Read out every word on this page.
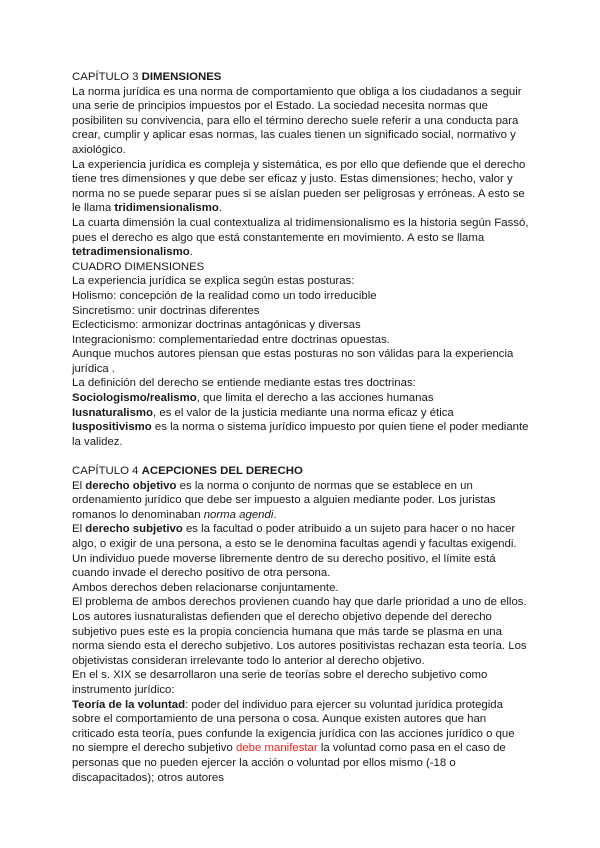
CAPÍTULO 3 DIMENSIONES

La norma jurídica es una norma de comportamiento que obliga a los ciudadanos a seguir una serie de principios impuestos por el Estado. La sociedad necesita normas que posibiliten su convivencia, para ello el término derecho suele referir a una conducta para crear, cumplir y aplicar esas normas, las cuales tienen un significado social, normativo y axiológico.

La experiencia jurídica es compleja y sistemática, es por ello que defiende que el derecho tiene tres dimensiones y que debe ser eficaz y justo. Estas dimensiones; hecho, valor y norma no se puede separar pues si se aíslan pueden ser peligrosas y erróneas. A esto se le llama tridimensionalismo.

La cuarta dimensión la cual contextualiza al tridimensionalismo es la historia según Fassó, pues el derecho es algo que está constantemente en movimiento. A esto se llama tetradimensionalismo.

CUADRO DIMENSIONES

La experiencia jurídica se explica según estas posturas:

Holismo: concepción de la realidad como un todo irreducible

Sincretismo: unir doctrinas diferentes

Eclecticismo: armonizar doctrinas antagónicas y diversas

Integracionismo: complementariedad entre doctrinas opuestas.

Aunque muchos autores piensan que estas posturas no son válidas para la experiencia jurídica .

La definición del derecho se entiende mediante estas tres doctrinas:

Sociologismo/realismo, que limita el derecho a las acciones humanas

Iusnaturalismo, es el valor de la justicia mediante una norma eficaz y ética

Iuspositivismo es la norma o sistema jurídico impuesto por quien tiene el poder mediante la validez.

CAPÍTULO 4 ACEPCIONES DEL DERECHO

El derecho objetivo es la norma o conjunto de normas que se establece en un ordenamiento jurídico que debe ser impuesto a alguien mediante poder. Los juristas romanos lo denominaban norma agendi.

El derecho subjetivo es la facultad o poder atribuido a un sujeto para hacer o no hacer algo, o exigir de una persona, a esto se le denomina facultas agendi y facultas exigendi. Un individuo puede moverse libremente dentro de su derecho positivo, el límite está cuando invade el derecho positivo de otra persona.

Ambos derechos deben relacionarse conjuntamente.

El problema de ambos derechos provienen cuando hay que darle prioridad a uno de ellos. Los autores iusnaturalistas defienden que el derecho objetivo depende del derecho subjetivo pues este es la propia conciencia humana que más tarde se plasma en una norma siendo esta el derecho subjetivo. Los autores positivistas rechazan esta teoría. Los objetivistas consideran irrelevante todo lo anterior al derecho objetivo.

En el s. XIX se desarrollaron una serie de teorías sobre el derecho subjetivo como instrumento jurídico:

Teoría de la voluntad: poder del individuo para ejercer su voluntad jurídica protegida sobre el comportamiento de una persona o cosa. Aunque existen autores que han criticado esta teoría, pues confunde la exigencia jurídica con las acciones jurídico o que no siempre el derecho subjetivo debe manifestar la voluntad como pasa en el caso de personas que no pueden ejercer la acción o voluntad por ellos mismo (-18 o discapacitados); otros autores
